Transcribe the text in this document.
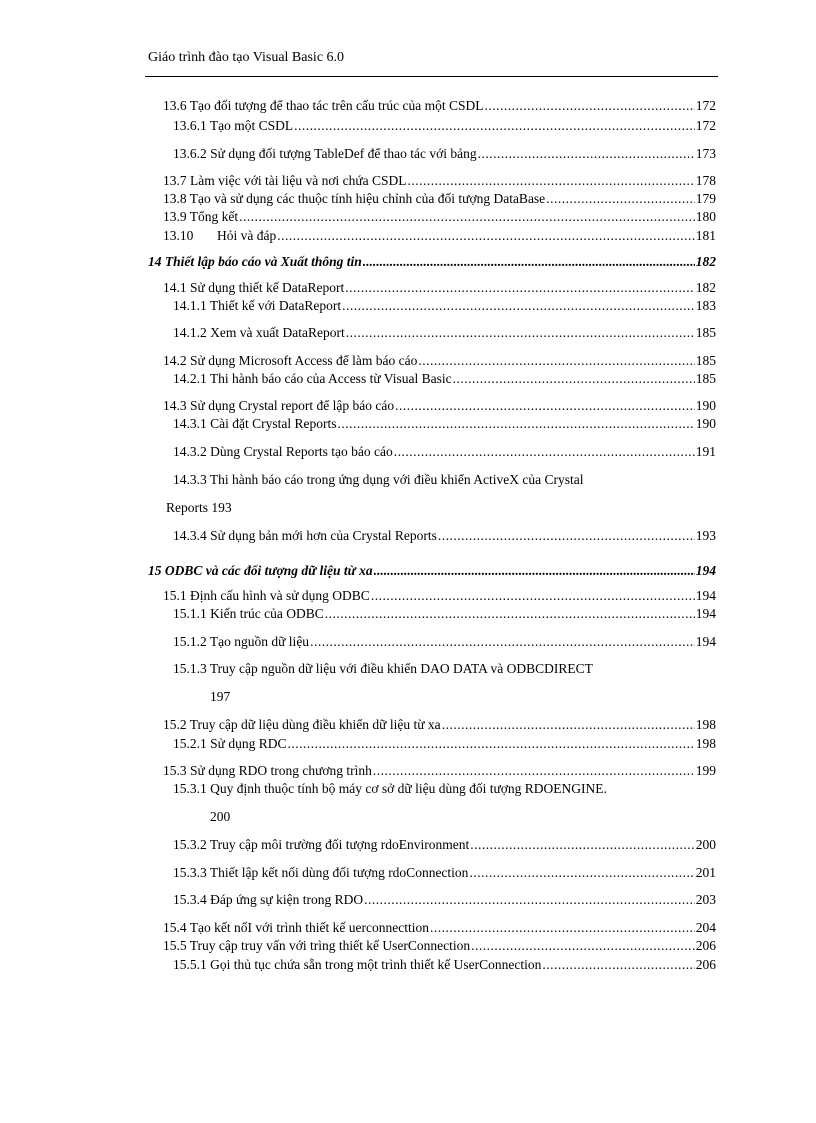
Giáo trình đào tạo Visual Basic 6.0
13.6 Tạo đối tượng để thao tác trên cấu trúc của một CSDL .....	172
13.6.1 Tạo một CSDL .....	172
13.6.2 Sử dụng đối tượng TableDef để thao tác với bảng .....	173
13.7 Làm việc với tài liệu và nơi chứa CSDL .....	178
13.8 Tạo và sử dụng các thuộc tính hiệu chỉnh của đối tượng DataBase .....	179
13.9 Tổng kết .....	180
13.10       Hỏi và đáp .....	181
14 Thiết lập báo cáo và Xuất thông tin .....	182
14.1 Sử dụng thiết kế DataReport .....	182
14.1.1 Thiết kế với DataReport .....	183
14.1.2 Xem và xuất DataReport .....	185
14.2 Sử dụng Microsoft Access để làm báo cáo .....	185
14.2.1 Thi hành báo cáo của Access từ Visual Basic .....	185
14.3 Sử dụng Crystal report để lập báo cáo .....	190
14.3.1 Cài đặt Crystal Reports .....	190
14.3.2 Dùng Crystal Reports tạo báo cáo .....	191
14.3.3 Thi hành báo cáo trong ứng dụng với điều khiển ActiveX của Crystal
Reports 193
14.3.4 Sử dụng bản mới hơn của Crystal Reports .....	193
15 ODBC và các đối tượng dữ liệu từ xa .....	194
15.1 Định cấu hình và sử dụng ODBC .....	194
15.1.1 Kiến trúc của ODBC .....	194
15.1.2 Tạo nguồn dữ liệu .....	194
15.1.3 Truy cập nguồn dữ liệu với điều khiển DAO DATA và ODBCDIRECT
197
15.2 Truy cập dữ liệu dùng điều khiển dữ liệu từ xa .....	198
15.2.1 Sử dụng RDC .....	198
15.3 Sử dụng RDO trong chương trình .....	199
15.3.1 Quy định thuộc tính bộ máy cơ sở dữ liệu dùng đối tượng RDOENGINE.
200
15.3.2 Truy cập môi trường đối tượng rdoEnvironment .....	200
15.3.3 Thiết lập kết nối dùng đối tượng rdoConnection .....	201
15.3.4 Đáp ứng sự kiện trong RDO .....	203
15.4 Tạo kết nốI với trình thiết kế uerconnecttion .....	204
15.5 Truy cập truy vấn với trìng thiết kế UserConnection .....	206
15.5.1 Gọi thủ tục chứa sẵn trong một trình thiết kế UserConnection .....	206
